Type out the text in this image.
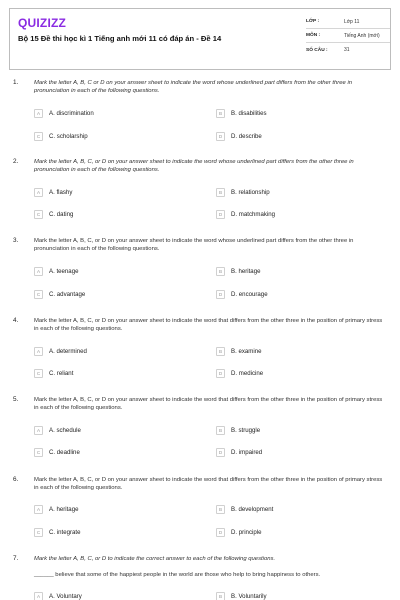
QUIZIZZ
Bộ 15 Đề thi học kì 1 Tiếng anh mới 11 có đáp án - Đề 14
LỚP :	Lớp 11
MÔN :	Tiếng Anh (mới)
SỐ CÂU :	31
1.	Mark the letter A, B, C or D on your answer sheet to indicate the word whose underlined part differs from the other three in pronunciation in each of the following questions.
A	A. discrimination	B	B. disabilities
C	C. scholarship	D	D. describe
2.	Mark the letter A, B, C, or D on your answer sheet to indicate the word whose underlined part differs from the other three in pronunciation in each of the following questions.
A	A. flashy	B	B. relationship
C	C. dating	D	D. matchmaking
3.	Mark the letter A, B, C, or D on your answer sheet to indicate the word whose underlined part differs from the other three in pronunciation in each of the following questions.
A	A. teenage	B	B. heritage
C	C. advantage	D	D. encourage
4.	Mark the letter A, B, C, or D on your answer sheet to indicate the word that differs from the other three in the position of primary stress in each of the following questions.
A	A. determined	B	B. examine
C	C. reliant	D	D. medicine
5.	Mark the letter A, B, C, or D on your answer sheet to indicate the word that differs from the other three in the position of primary stress in each of the following questions.
A	A. schedule	B	B. struggle
C	C. deadline	D	D. impaired
6.	Mark the letter A, B, C, or D on your answer sheet to indicate the word that differs from the other three in the position of primary stress in each of the following questions.
A	A. heritage	B	B. development
C	C. integrate	D	D. principle
7.	Mark the letter A, B, C, or D to indicate the correct answer to each of the following questions.
______ believe that some of the happiest people in the world are those who help to bring happiness to others.
A	A. Voluntary	B	B. Voluntarily
